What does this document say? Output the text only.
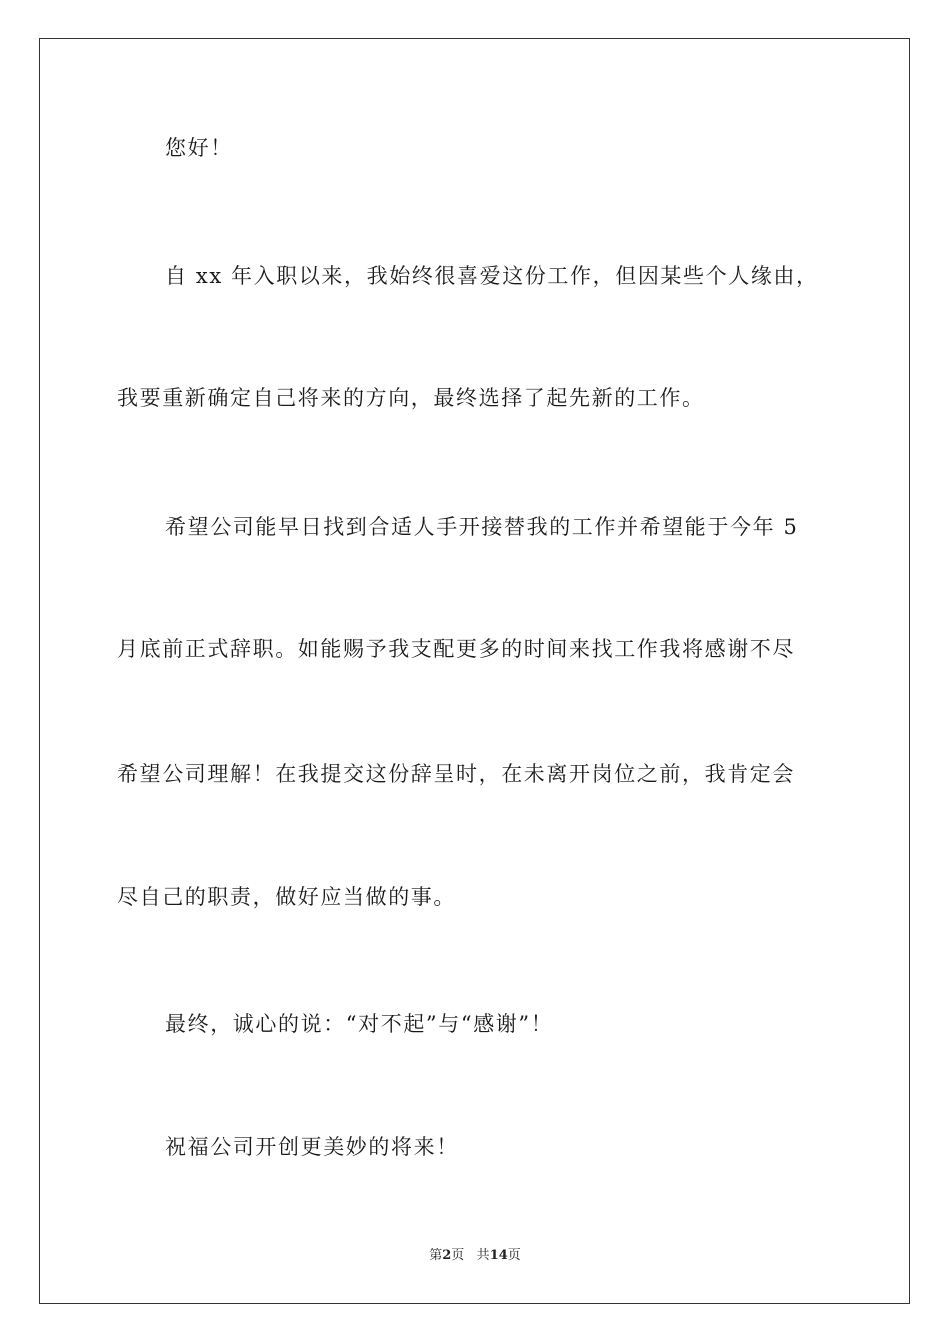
您好！
自 xx 年入职以来，我始终很喜爱这份工作，但因某些个人缘由，
我要重新确定自己将来的方向，最终选择了起先新的工作。
希望公司能早日找到合适人手开接替我的工作并希望能于今年 5
月底前正式辞职。如能赐予我支配更多的时间来找工作我将感谢不尽
希望公司理解！在我提交这份辞呈时，在未离开岗位之前，我肯定会
尽自己的职责，做好应当做的事。
最终，诚心的说：“对不起”与“感谢”！
祝福公司开创更美妙的将来！
第2页 共14页
